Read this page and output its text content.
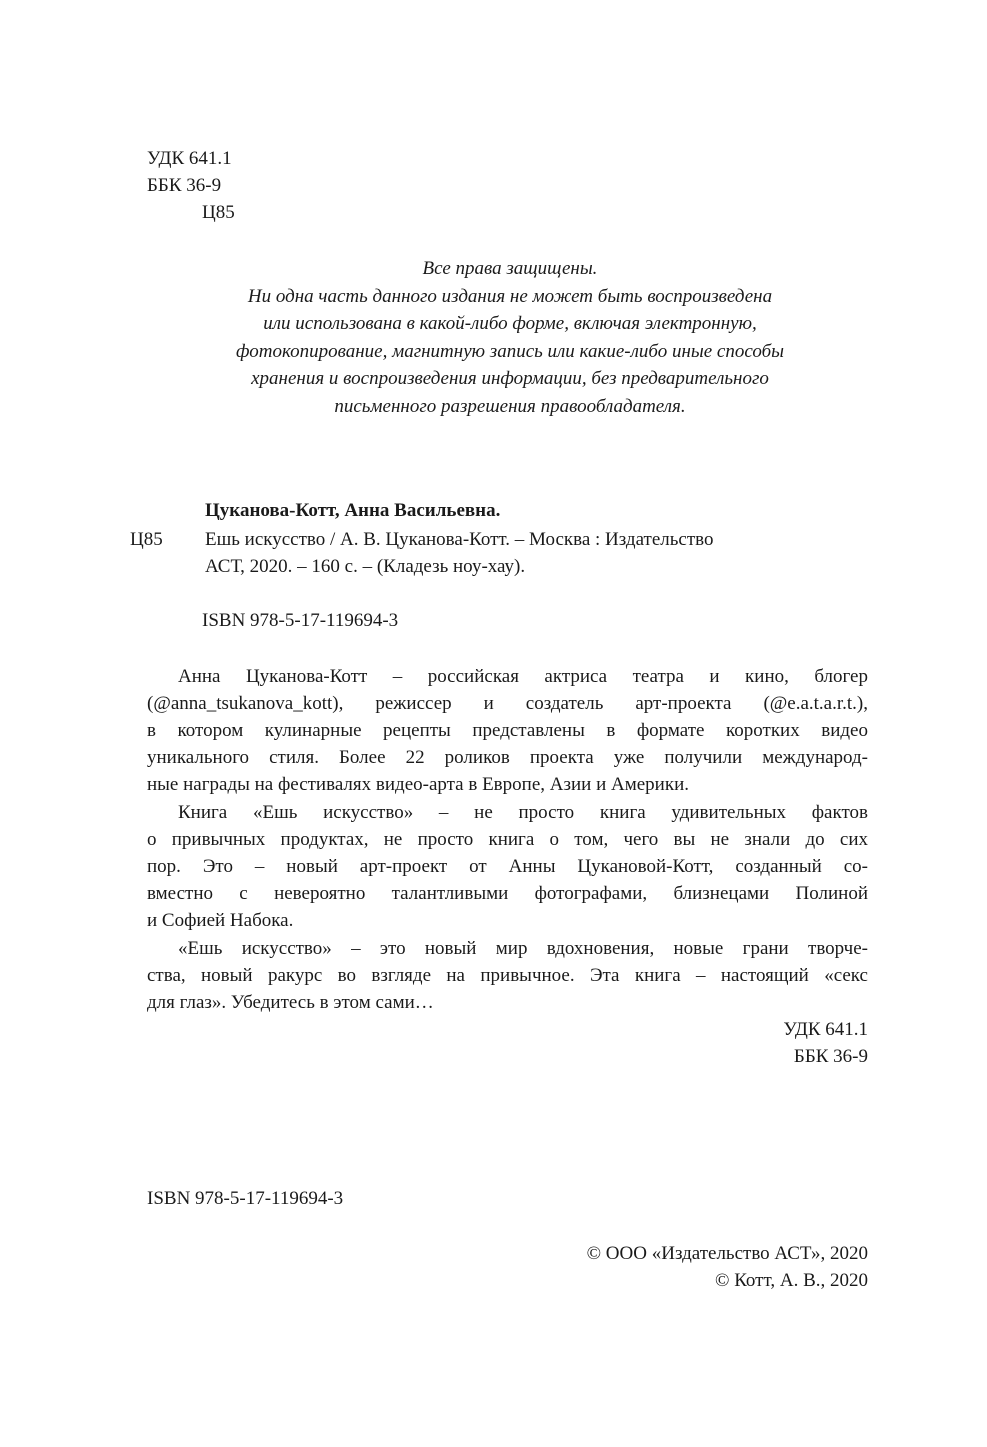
УДК 641.1
ББК 36-9
Ц85
Все права защищены.
Ни одна часть данного издания не может быть воспроизведена
или использована в какой-либо форме, включая электронную,
фотокопирование, магнитную запись или какие-либо иные способы
хранения и воспроизведения информации, без предварительного
письменного разрешения правообладателя.
Цуканова-Котт, Анна Васильевна.
Ц85 Ешь искусство / А. В. Цуканова-Котт. – Москва : Издательство
АСТ, 2020. – 160 с. – (Кладезь ноу-хау).
ISBN 978-5-17-119694-3
Анна Цуканова-Котт – российская актриса театра и кино, блогер
(@anna_tsukanova_kott), режиссер и создатель арт-проекта (@e.a.t.a.r.t.),
в котором кулинарные рецепты представлены в формате коротких видео
уникального стиля. Более 22 роликов проекта уже получили международ-
ные награды на фестивалях видео-арта в Европе, Азии и Америки.
Книга «Ешь искусство» – не просто книга удивительных фактов
о привычных продуктах, не просто книга о том, чего вы не знали до сих
пор. Это – новый арт-проект от Анны Цукановой-Котт, созданный со-
вместно с невероятно талантливыми фотографами, близнецами Полиной
и Софией Набока.
«Ешь искусство» – это новый мир вдохновения, новые грани творче-
ства, новый ракурс во взгляде на привычное. Эта книга – настоящий «секс
для глаз». Убедитесь в этом сами…
УДК 641.1
ББК 36-9
ISBN 978-5-17-119694-3
© ООО «Издательство АСТ», 2020
© Котт, А. В., 2020
